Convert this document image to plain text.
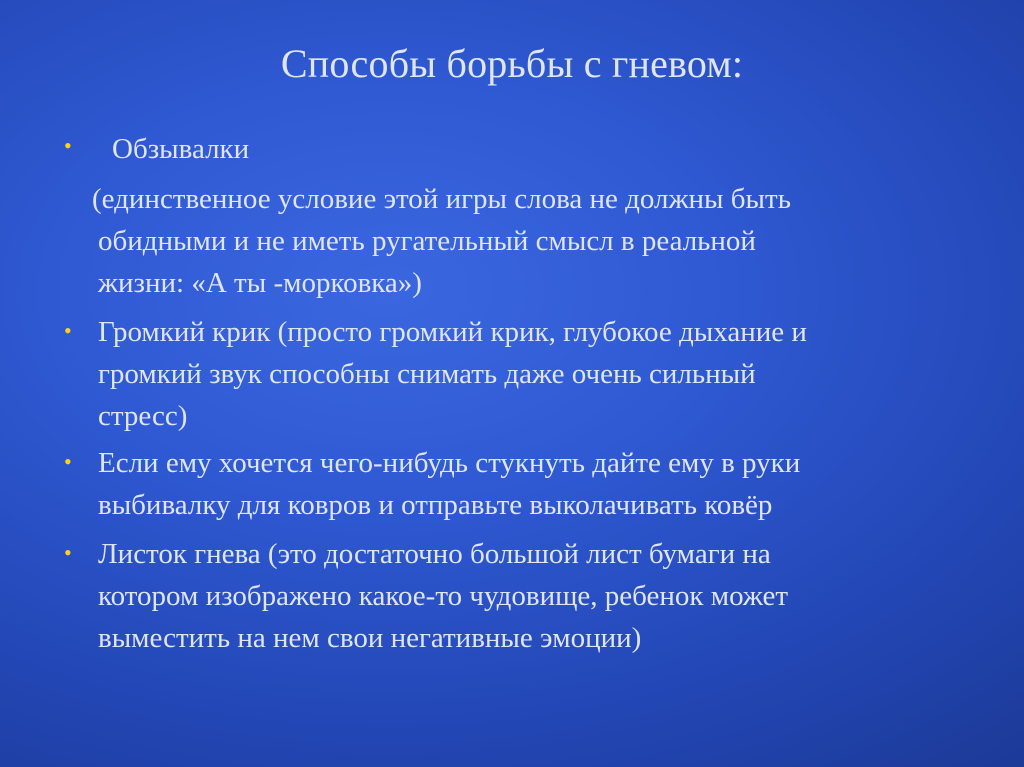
Способы борьбы с гневом:
• Обзывалки
(единственное условие этой игры слова не должны быть
обидными и не иметь ругательный смысл в реальной
жизни: «А ты -морковка»)
• Громкий крик (просто громкий крик, глубокое дыхание и
громкий звук способны снимать даже очень сильный
стресс)
• Если ему хочется чего-нибудь стукнуть дайте ему в руки
выбивалку для ковров и отправьте выколачивать ковёр
• Листок гнева (это достаточно большой лист бумаги на
котором изображено какое-то чудовище, ребенок может
выместить на нем свои негативные эмоции)
